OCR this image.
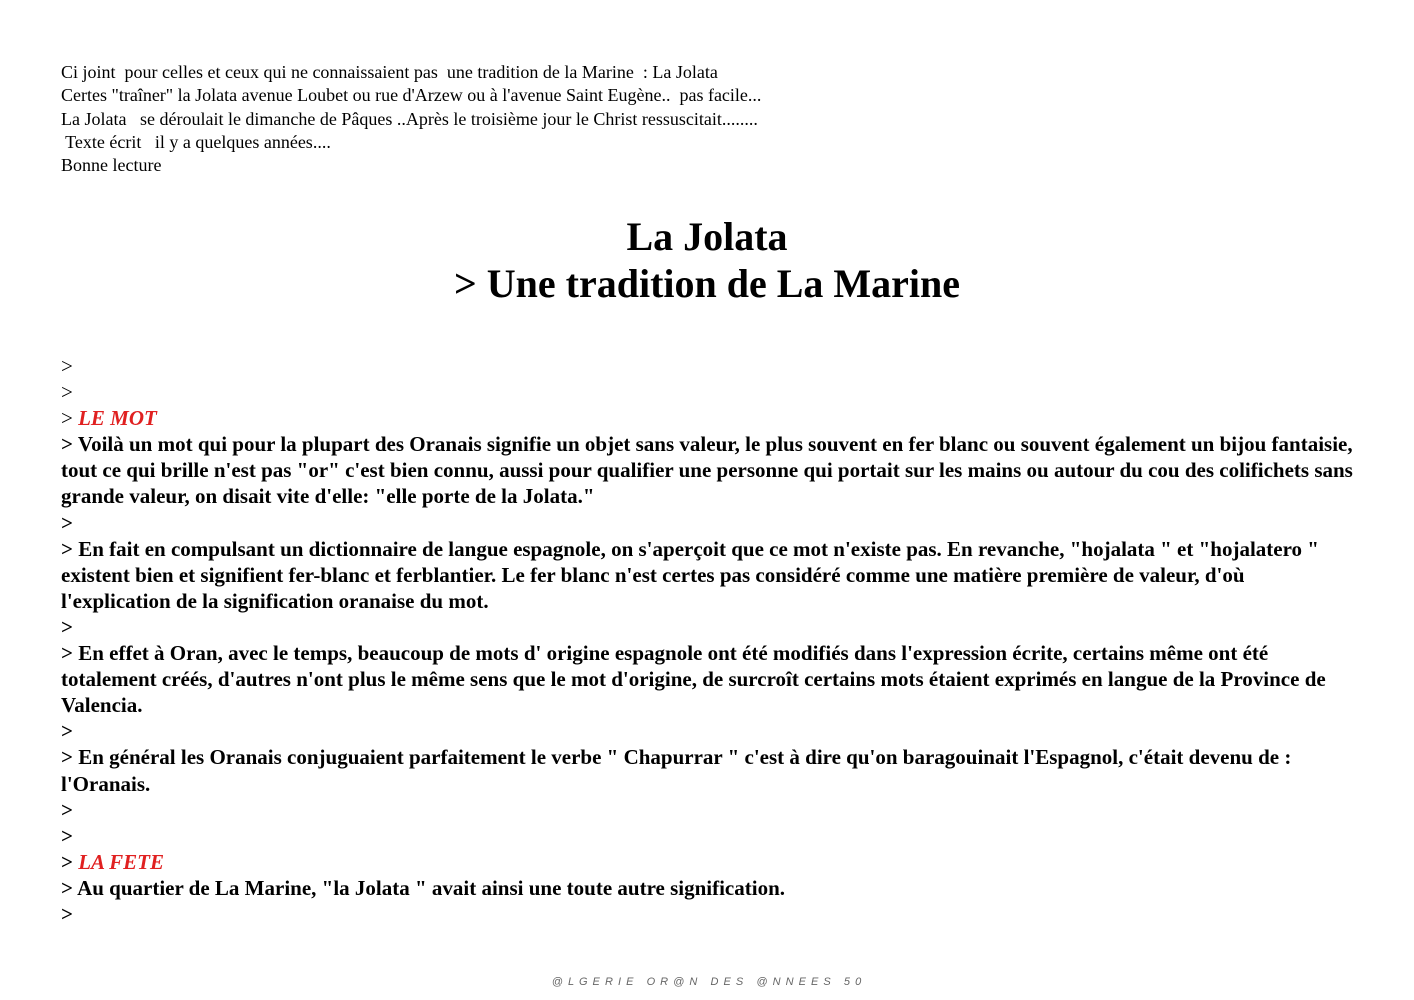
Ci joint  pour celles et ceux qui ne connaissaient pas  une tradition de la Marine  : La Jolata
Certes "traîner" la Jolata avenue Loubet ou rue d'Arzew ou à l'avenue Saint Eugène..  pas facile...
La Jolata   se déroulait le dimanche de Pâques ..Après le troisième jour le Christ ressuscitait........
Texte écrit   il y a quelques années....
Bonne lecture
La Jolata
> Une tradition de La Marine

>

>

> LE MOT

> Voilà un mot qui pour la plupart des Oranais signifie un objet sans valeur, le plus souvent en fer blanc ou souvent également un bijou fantaisie, tout ce qui brille n'est pas "or" c'est bien connu, aussi pour qualifier une personne qui portait sur les mains ou autour du cou des colifichets sans grande valeur, on disait vite d'elle: "elle porte de la Jolata."

>

> En fait en compulsant un dictionnaire de langue espagnole, on s'aperçoit que ce mot n'existe pas. En revanche, "hojalata " et "hojalatero " existent bien et signifient fer-blanc et ferblantier. Le fer blanc n'est certes pas considéré comme une matière première de valeur, d'où l'explication de la signification oranaise du mot.

>

> En effet à Oran, avec le temps, beaucoup de mots d' origine espagnole ont été modifiés dans l'expression écrite, certains même ont été totalement créés, d'autres n'ont plus le même sens que le mot d'origine, de surcroît certains mots étaient exprimés en langue de la Province de Valencia.

>

> En général les Oranais conjuguaient parfaitement le verbe " Chapurrar " c'est à dire qu'on baragouinait l'Espagnol, c'était devenu de : l'Oranais.

>

>

> LA FETE

> Au quartier de La Marine, "la Jolata " avait ainsi une toute autre signification.

>

@ L G E R I E   O R @ N   D E S   @ N N E E S   5 0
